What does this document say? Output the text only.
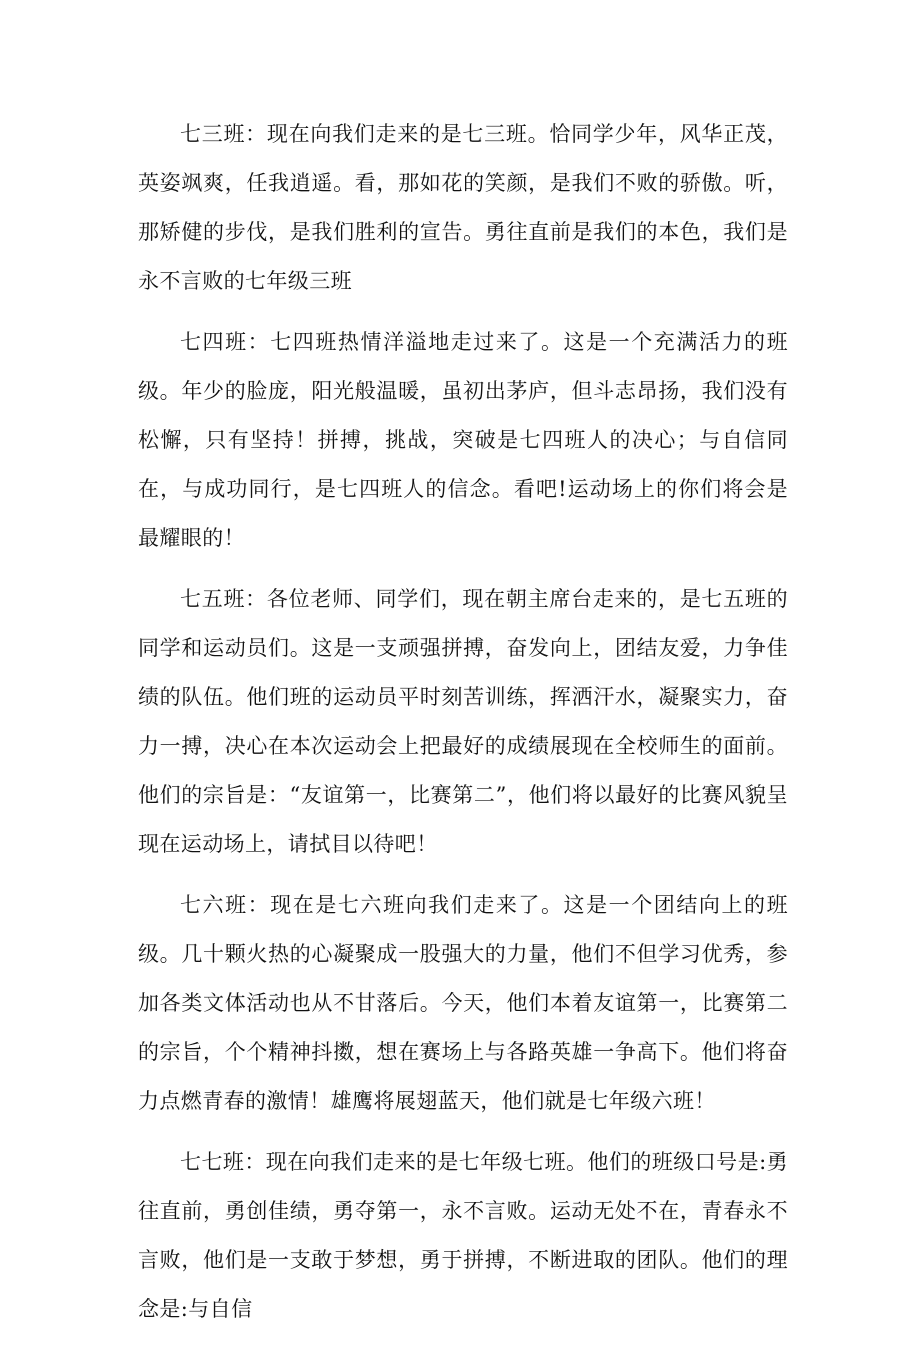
七三班：现在向我们走来的是七三班。恰同学少年，风华正茂，英姿飒爽，任我逍遥。看，那如花的笑颜，是我们不败的骄傲。听，那矫健的步伐，是我们胜利的宣告。勇往直前是我们的本色，我们是永不言败的七年级三班

七四班：七四班热情洋溢地走过来了。这是一个充满活力的班级。年少的脸庞，阳光般温暖，虽初出茅庐，但斗志昂扬，我们没有松懈，只有坚持！拼搏，挑战，突破是七四班人的决心；与自信同在，与成功同行，是七四班人的信念。看吧!运动场上的你们将会是最耀眼的！

七五班：各位老师、同学们，现在朝主席台走来的，是七五班的同学和运动员们。这是一支顽强拼搏，奋发向上，团结友爱，力争佳绩的队伍。他们班的运动员平时刻苦训练，挥洒汗水，凝聚实力，奋力一搏，决心在本次运动会上把最好的成绩展现在全校师生的面前。他们的宗旨是：“友谊第一，比赛第二”，他们将以最好的比赛风貌呈现在运动场上，请拭目以待吧！

七六班：现在是七六班向我们走来了。这是一个团结向上的班级。几十颗火热的心凝聚成一股强大的力量，他们不但学习优秀，参加各类文体活动也从不甘落后。今天，他们本着友谊第一，比赛第二的宗旨，个个精神抖擞，想在赛场上与各路英雄一争高下。他们将奋力点燃青春的激情！雄鹰将展翅蓝天，他们就是七年级六班！

七七班：现在向我们走来的是七年级七班。他们的班级口号是:勇往直前，勇创佳绩，勇夺第一，永不言败。运动无处不在，青春永不言败，他们是一支敢于梦想，勇于拼搏，不断进取的团队。他们的理念是:与自信
